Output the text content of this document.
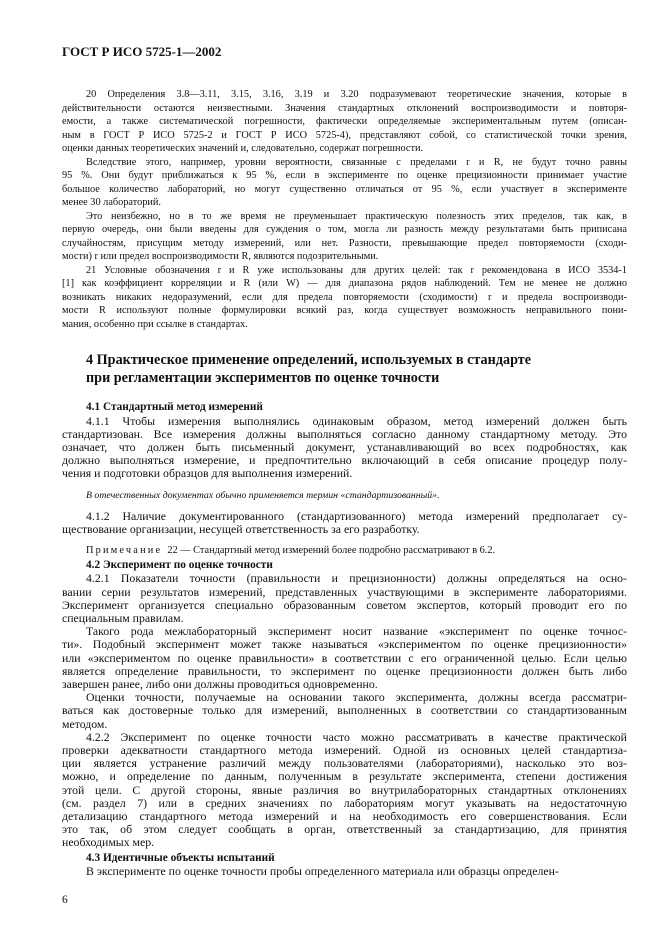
ГОСТ Р ИСО 5725-1—2002
20 Определения 3.8—3.11, 3.15, 3.16, 3.19 и 3.20 подразумевают теоретические значения, которые в
действительности остаются неизвестными. Значения стандартных отклонений воспроизводимости и повторя-
емости, а также систематической погрешности, фактически определяемые экспериментальным путем (описан-
ным в ГОСТ Р ИСО 5725-2 и ГОСТ Р ИСО 5725-4), представляют собой, со статистической точки зрения,
оценки данных теоретических значений и, следовательно, содержат погрешности.
Вследствие этого, например, уровни вероятности, связанные с пределами r и R, не будут точно равны
95 %. Они будут приближаться к 95 %, если в эксперименте по оценке прецизионности принимает участие
большое количество лабораторий, но могут существенно отличаться от 95 %, если участвует в эксперименте
менее 30 лабораторий.
Это неизбежно, но в то же время не преуменьшает практическую полезность этих пределов, так как, в
первую очередь, они были введены для суждения о том, могла ли разность между результатами быть приписана
случайностям, присущим методу измерений, или нет. Разности, превышающие предел повторяемости (сходи-
мости) r или предел воспроизводимости R, являются подозрительными.
21 Условные обозначения r и R уже использованы для других целей: так r рекомендована в ИСО 3534-1
[1] как коэффициент корреляции и R (или W) — для диапазона рядов наблюдений. Тем не менее не должно
возникать никаких недоразумений, если для предела повторяемости (сходимости) r и предела воспроизводи-
мости R используют полные формулировки всякий раз, когда существует возможность неправильного пони-
мания, особенно при ссылке в стандартах.
4 Практическое применение определений, используемых в стандарте
при регламентации экспериментов по оценке точности
4.1 Стандартный метод измерений
4.1.1 Чтобы измерения выполнялись одинаковым образом, метод измерений должен быть
стандартизован. Все измерения должны выполняться согласно данному стандартному методу. Это
означает, что должен быть письменный документ, устанавливающий во всех подробностях, как
должно выполняться измерение, и предпочтительно включающий в себя описание процедур полу-
чения и подготовки образцов для выполнения измерений.
В отечественных документах обычно применяется термин «стандартизованный».
4.1.2 Наличие документированного (стандартизованного) метода измерений предполагает су-
ществование организации, несущей ответственность за его разработку.
Примечание 22 — Стандартный метод измерений более подробно рассматривают в 6.2.
4.2 Эксперимент по оценке точности
4.2.1 Показатели точности (правильности и прецизионности) должны определяться на осно-
вании серии результатов измерений, представленных участвующими в эксперименте лабораториями.
Эксперимент организуется специально образованным советом экспертов, который проводит его по
специальным правилам.
Такого рода межлабораторный эксперимент носит название «эксперимент по оценке точнос-
ти». Подобный эксперимент может также называться «экспериментом по оценке прецизионности»
или «экспериментом по оценке правильности» в соответствии с его ограниченной целью. Если целью
является определение правильности, то эксперимент по оценке прецизионности должен быть либо
завершен ранее, либо они должны проводиться одновременно.
Оценки точности, получаемые на основании такого эксперимента, должны всегда рассматри-
ваться как достоверные только для измерений, выполненных в соответствии со стандартизованным
методом.
4.2.2 Эксперимент по оценке точности часто можно рассматривать в качестве практической
проверки адекватности стандартного метода измерений. Одной из основных целей стандартиза-
ции является устранение различий между пользователями (лабораториями), насколько это воз-
можно, и определение по данным, полученным в результате эксперимента, степени достижения
этой цели. С другой стороны, явные различия во внутрилабораторных стандартных отклонениях
(см. раздел 7) или в средних значениях по лабораториям могут указывать на недостаточную
детализацию стандартного метода измерений и на необходимость его совершенствования. Если
это так, об этом следует сообщать в орган, ответственный за стандартизацию, для принятия
необходимых мер.
4.3 Идентичные объекты испытаний
В эксперименте по оценке точности пробы определенного материала или образцы определен-
6
